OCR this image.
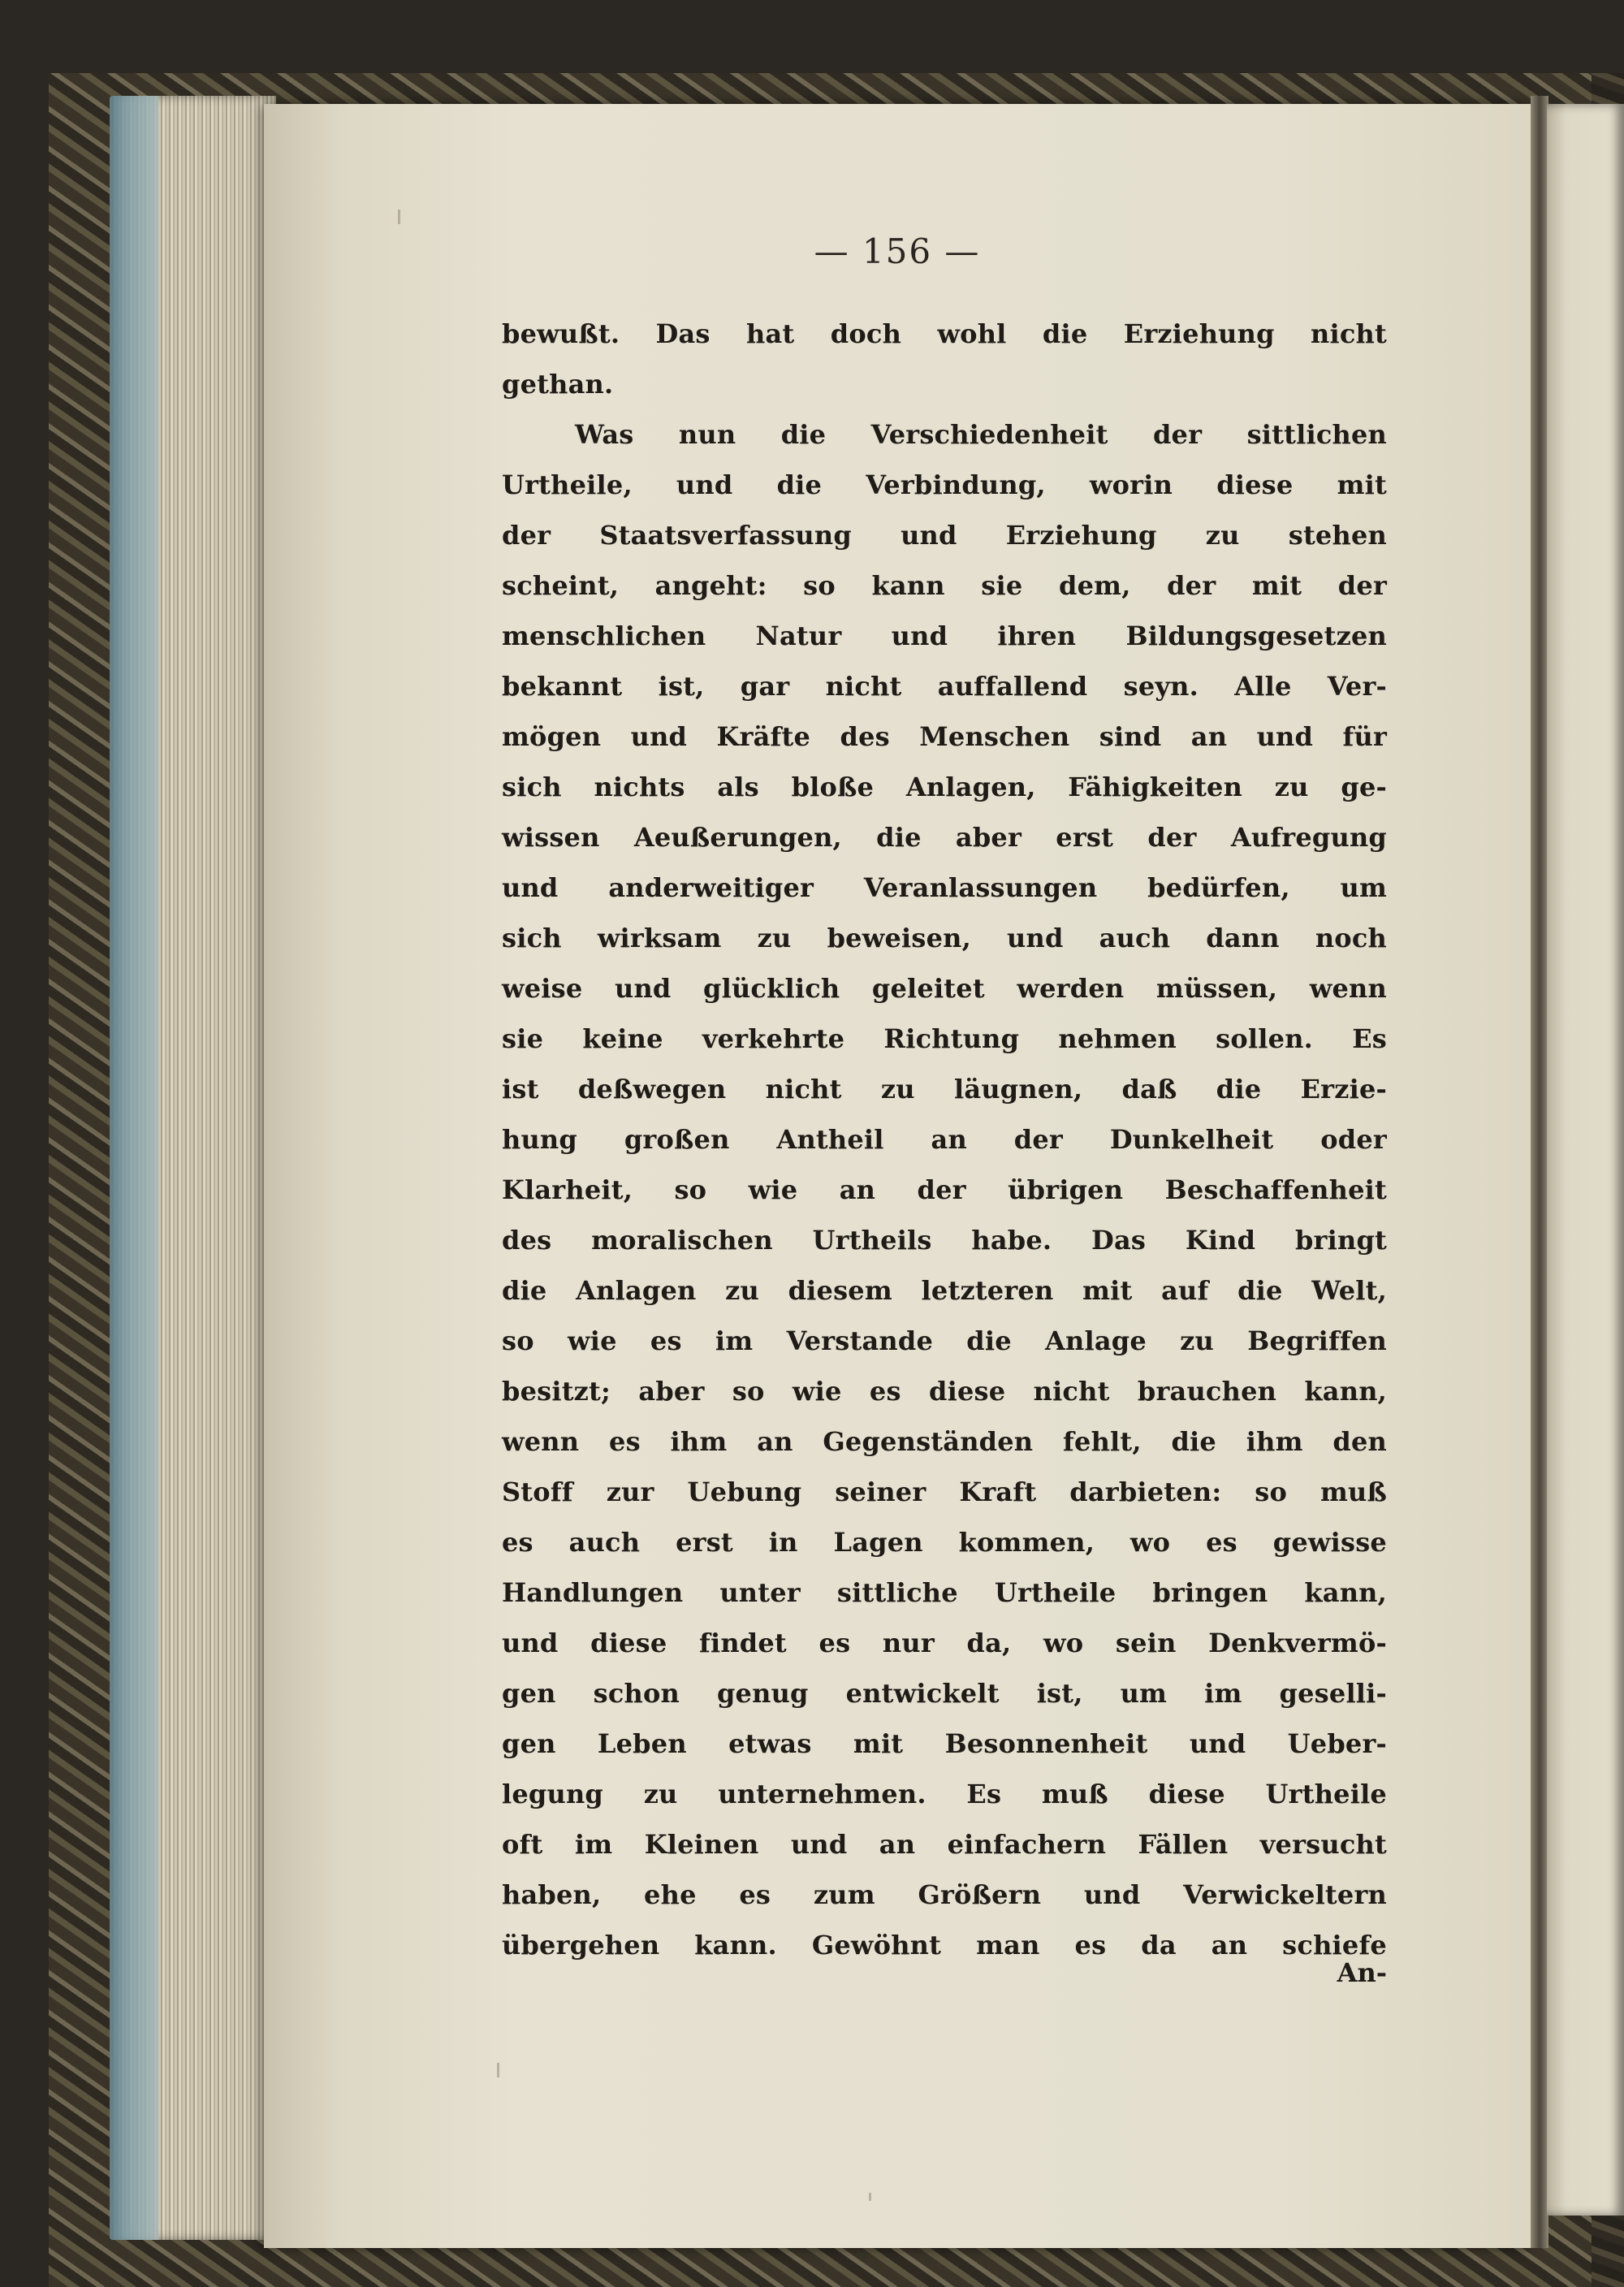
— 156 —
bewußt. Das hat doch wohl die Erziehung nicht
gethan.
Was nun die Verschiedenheit der sittlichen
Urtheile, und die Verbindung, worin diese mit
der Staatsverfassung und Erziehung zu stehen
scheint, angeht: so kann sie dem, der mit der
menschlichen Natur und ihren Bildungsgesetzen
bekannt ist, gar nicht auffallend seyn. Alle Ver-
mögen und Kräfte des Menschen sind an und für
sich nichts als bloße Anlagen, Fähigkeiten zu ge-
wissen Aeußerungen, die aber erst der Aufregung
und anderweitiger Veranlassungen bedürfen, um
sich wirksam zu beweisen, und auch dann noch
weise und glücklich geleitet werden müssen, wenn
sie keine verkehrte Richtung nehmen sollen. Es
ist deßwegen nicht zu läugnen, daß die Erzie-
hung großen Antheil an der Dunkelheit oder
Klarheit, so wie an der übrigen Beschaffenheit
des moralischen Urtheils habe. Das Kind bringt
die Anlagen zu diesem letzteren mit auf die Welt,
so wie es im Verstande die Anlage zu Begriffen
besitzt; aber so wie es diese nicht brauchen kann,
wenn es ihm an Gegenständen fehlt, die ihm den
Stoff zur Uebung seiner Kraft darbieten: so muß
es auch erst in Lagen kommen, wo es gewisse
Handlungen unter sittliche Urtheile bringen kann,
und diese findet es nur da, wo sein Denkvermö-
gen schon genug entwickelt ist, um im geselli-
gen Leben etwas mit Besonnenheit und Ueber-
legung zu unternehmen. Es muß diese Urtheile
oft im Kleinen und an einfachern Fällen versucht
haben, ehe es zum Größern und Verwickeltern
übergehen kann. Gewöhnt man es da an schiefe
An-
